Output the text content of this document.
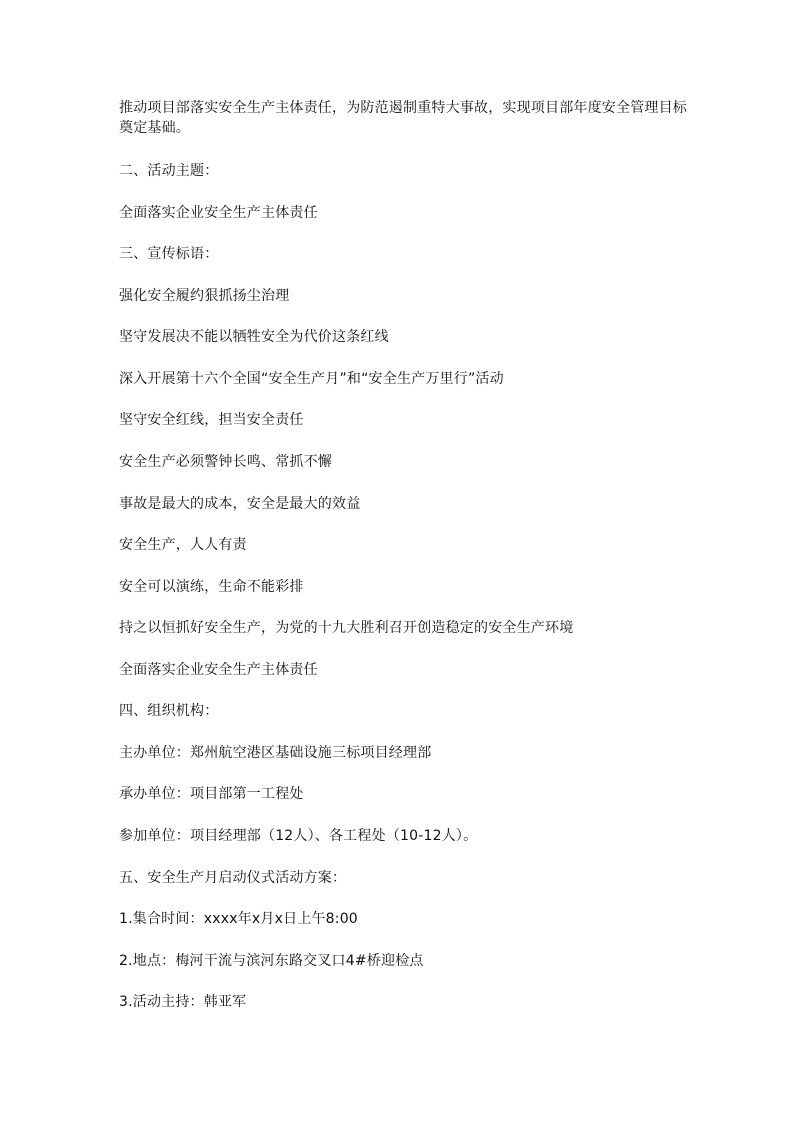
推动项目部落实安全生产主体责任，为防范遏制重特大事故，实现项目部年度安全管理目标
奠定基础。
二、活动主题：
全面落实企业安全生产主体责任
三、宣传标语：
强化安全履约狠抓扬尘治理
坚守发展决不能以牺牲安全为代价这条红线
深入开展第十六个全国“安全生产月”和“安全生产万里行”活动
坚守安全红线，担当安全责任
安全生产必须警钟长鸣、常抓不懈
事故是最大的成本，安全是最大的效益
安全生产，人人有责
安全可以演练，生命不能彩排
持之以恒抓好安全生产，为党的十九大胜利召开创造稳定的安全生产环境
全面落实企业安全生产主体责任
四、组织机构：
主办单位：郑州航空港区基础设施三标项目经理部
承办单位：项目部第一工程处
参加单位：项目经理部（12人）、各工程处（10-12人）。
五、安全生产月启动仪式活动方案：
1.集合时间：xxxx年x月x日上午8:00
2.地点：梅河干流与滨河东路交叉口4#桥迎检点
3.活动主持：韩亚军
